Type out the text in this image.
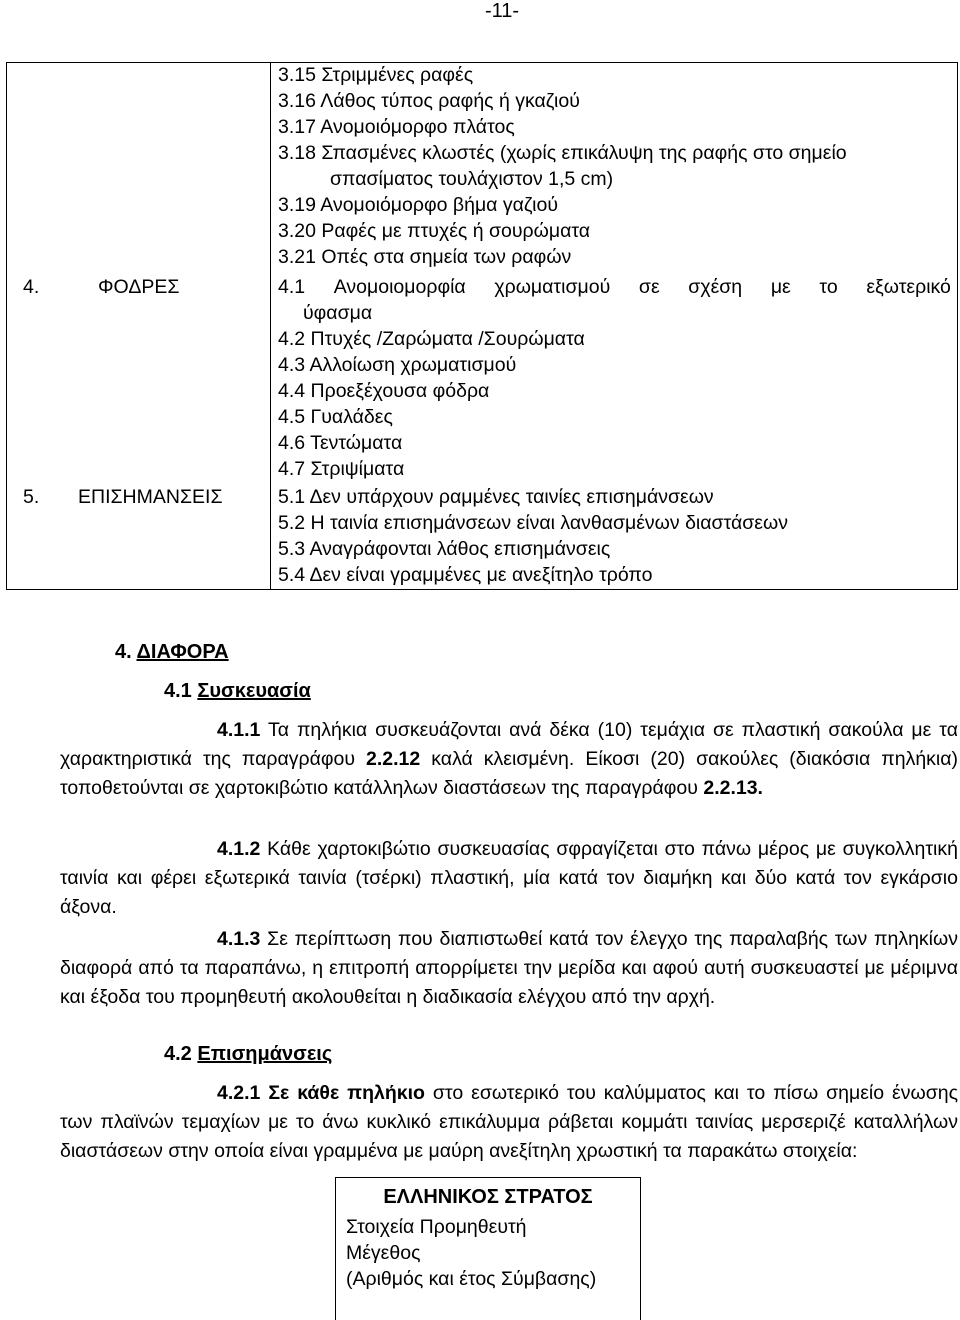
-11-
3.15 Στριμμένες ραφές
3.16 Λάθος τύπος ραφής ή γκαζιού
3.17 Ανομοιόμορφο πλάτος
3.18 Σπασμένες κλωστές (χωρίς επικάλυψη της ραφής στο σημείο
σπασίματος τουλάχιστον 1,5 cm)
3.19 Ανομοιόμορφο βήμα γαζιού
3.20 Ραφές με πτυχές ή σουρώματα
3.21 Οπές στα σημεία των ραφών
4.	ΦΟΔΡΕΣ	4.1 Ανομοιομορφία χρωματισμού σε σχέση με το εξωτερικό
ύφασμα
4.2 Πτυχές /Ζαρώματα /Σουρώματα
4.3 Αλλοίωση χρωματισμού
4.4 Προεξέχουσα φόδρα
4.5 Γυαλάδες
4.6 Τεντώματα
4.7 Στριψίματα
5. ΕΠΙΣΗΜΑΝΣΕΙΣ	5.1 Δεν υπάρχουν ραμμένες ταινίες επισημάνσεων
5.2 Η ταινία επισημάνσεων είναι λανθασμένων διαστάσεων
5.3 Αναγράφονται λάθος επισημάνσεις
5.4 Δεν είναι γραμμένες με ανεξίτηλο τρόπο
4. ΔΙΑΦΟΡΑ
4.1 Συσκευασία
4.1.1 Τα πηλήκια συσκευάζονται ανά δέκα (10) τεμάχια σε πλαστική σακούλα με τα χαρακτηριστικά της παραγράφου 2.2.12 καλά κλεισμένη. Είκοσι (20) σακούλες (διακόσια πηλήκια) τοποθετούνται σε χαρτοκιβώτιο κατάλληλων διαστάσεων της παραγράφου 2.2.13.
4.1.2 Κάθε χαρτοκιβώτιο συσκευασίας σφραγίζεται στο πάνω μέρος με συγκολλητική ταινία και φέρει εξωτερικά ταινία (τσέρκι) πλαστική, μία κατά τον διαμήκη και δύο κατά τον εγκάρσιο άξονα.
4.1.3 Σε περίπτωση που διαπιστωθεί κατά τον έλεγχο της παραλαβής των πηληκίων διαφορά από τα παραπάνω, η επιτροπή απορρίμετει την μερίδα και αφού αυτή συσκευαστεί με μέριμνα και έξοδα του προμηθευτή ακολουθείται η διαδικασία ελέγχου από την αρχή.
4.2 Επισημάνσεις
4.2.1 Σε κάθε πηλήκιο στο εσωτερικό του καλύμματος και το πίσω σημείο ένωσης των πλαϊνών τεμαχίων με το άνω κυκλικό επικάλυμμα ράβεται κομμάτι ταινίας μερσεριζέ καταλλήλων διαστάσεων στην οποία είναι γραμμένα με μαύρη ανεξίτηλη χρωστική τα παρακάτω στοιχεία:
ΕΛΛΗΝΙΚΟΣ ΣΤΡΑΤΟΣ
Στοιχεία Προμηθευτή
Μέγεθος
(Αριθμός και έτος Σύμβασης)
